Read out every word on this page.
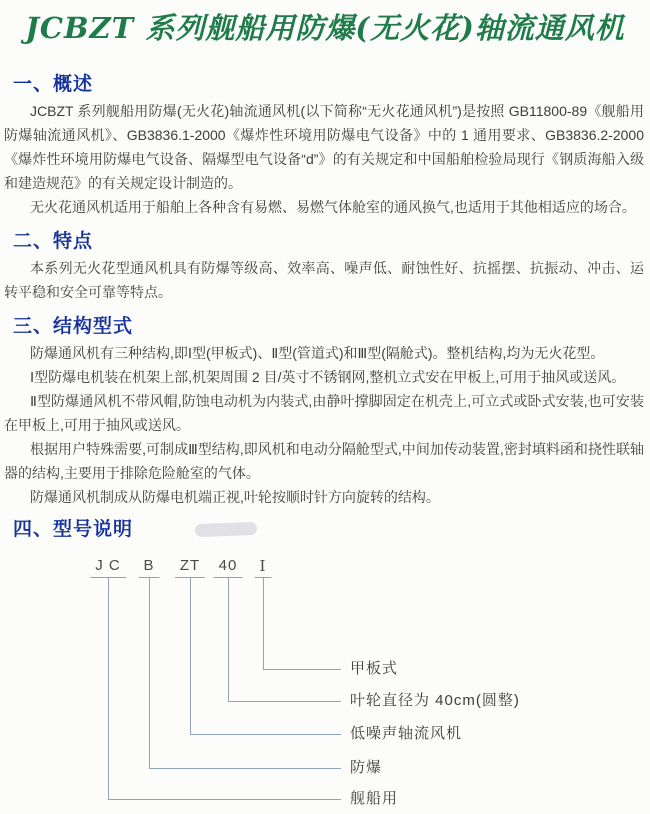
JCBZT 系列舰船用防爆(无火花)轴流通风机
一、概述

JCBZT 系列舰船用防爆(无火花)轴流通风机(以下简称“无火花通风机”)是按照 GB11800-89《舰船用防爆轴流通风机》、GB3836.1-2000《爆炸性环境用防爆电气设备》中的 1 通用要求、GB3836.2-2000《爆炸性环境用防爆电气设备、隔爆型电气设备“d”》的有关规定和中国船舶检验局现行《钢质海船入级和建造规范》的有关规定设计制造的。

无火花通风机适用于船舶上各种含有易燃、易燃气体舱室的通风换气,也适用于其他相适应的场合。

二、特点

本系列无火花型通风机具有防爆等级高、效率高、噪声低、耐蚀性好、抗摇摆、抗振动、冲击、运转平稳和安全可靠等特点。

三、结构型式

防爆通风机有三种结构,即Ⅰ型(甲板式)、Ⅱ型(管道式)和Ⅲ型(隔舱式)。整机结构,均为无火花型。

Ⅰ型防爆电机装在机架上部,机架周围 2 目/英寸不锈钢网,整机立式安在甲板上,可用于抽风或送风。

Ⅱ型防爆通风机不带风帽,防蚀电动机为内装式,由静叶撑脚固定在机壳上,可立式或卧式安装,也可安装在甲板上,可用于抽风或送风。

根据用户特殊需要,可制成Ⅲ型结构,即风机和电动分隔舱型式,中间加传动装置,密封填料函和挠性联轴器的结构,主要用于排除危险舱室的气体。

防爆通风机制成从防爆电机端正视,叶轮按顺时针方向旋转的结构。

四、型号说明
J C	B	ZT	40	Ⅰ
甲板式
叶轮直径为 40cm(圆整)
低噪声轴流风机
防爆
舰船用
